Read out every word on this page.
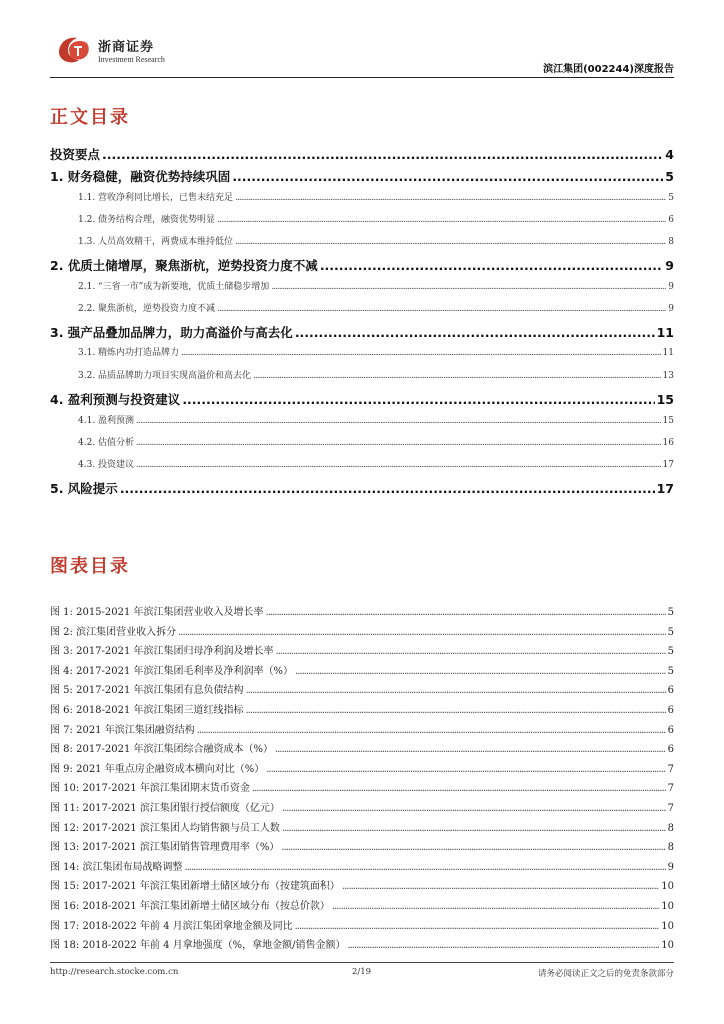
浙商证券
Investment Research
滨江集团(002244)深度报告
正文目录
投资要点 .....	4
1. 财务稳健，融资优势持续巩固 .....	5
1.1. 营收净利同比增长，已售未结充足 .....	5
1.2. 债务结构合理，融资优势明显 .....	6
1.3. 人员高效精干，两费成本维持低位 .....	8
2. 优质土储增厚，聚焦浙杭，逆势投资力度不减 .....	9
2.1. “三省一市”成为新要地，优质土储稳步增加 .....	9
2.2. 聚焦浙杭，逆势投资力度不减 .....	9
3. 强产品叠加品牌力，助力高溢价与高去化 .....	11
3.1. 精炼内功打造品牌力 .....	11
3.2. 品质品牌助力项目实现高溢价和高去化 .....	13
4. 盈利预测与投资建议 .....	15
4.1. 盈利预测 .....	15
4.2. 估值分析 .....	16
4.3. 投资建议 .....	17
5. 风险提示 .....	17
图表目录
图 1: 2015-2021 年滨江集团营业收入及增长率 .....	5
图 2: 滨江集团营业收入拆分 .....	5
图 3: 2017-2021 年滨江集团归母净利润及增长率 .....	5
图 4: 2017-2021 年滨江集团毛利率及净利润率（%） .....	5
图 5: 2017-2021 年滨江集团有息负债结构 .....	6
图 6: 2018-2021 年滨江集团三道红线指标 .....	6
图 7: 2021 年滨江集团融资结构 .....	6
图 8: 2017-2021 年滨江集团综合融资成本（%） .....	6
图 9: 2021 年重点房企融资成本横向对比（%） .....	7
图 10: 2017-2021 年滨江集团期末货币资金 .....	7
图 11: 2017-2021 滨江集团银行授信额度（亿元） .....	7
图 12: 2017-2021 滨江集团人均销售额与员工人数 .....	8
图 13: 2017-2021 滨江集团销售管理费用率（%） .....	8
图 14: 滨江集团布局战略调整 .....	9
图 15: 2017-2021 年滨江集团新增土储区域分布（按建筑面积） .....	10
图 16: 2018-2021 年滨江集团新增土储区域分布（按总价款） .....	10
图 17: 2018-2022 年前 4 月滨江集团拿地金额及同比 .....	10
图 18: 2018-2022 年前 4 月拿地强度（%，拿地金额/销售金额） .....	10
http://research.stocke.com.cn	2/19	请务必阅读正文之后的免责条款部分
